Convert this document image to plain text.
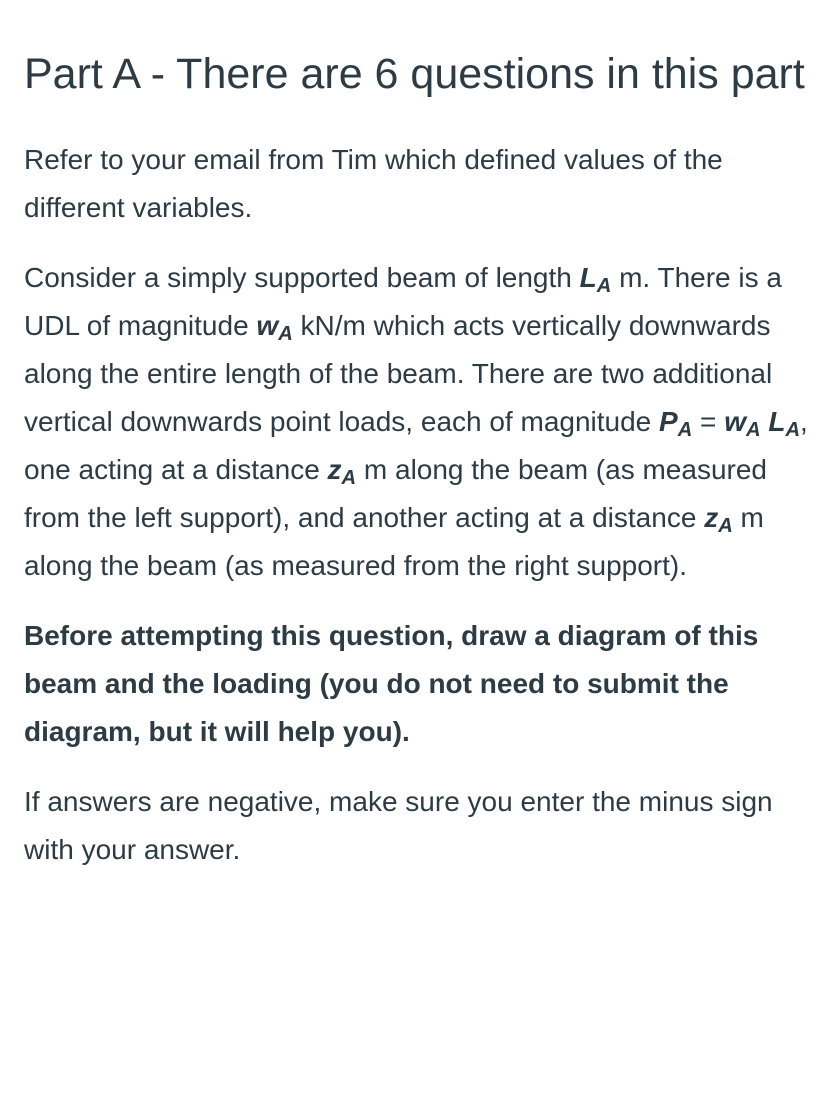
Part A - There are 6 questions in this part

Refer to your email from Tim which defined values of the different variables.

Consider a simply supported beam of length $L_A$ m. There is a UDL of magnitude $w_A$ kN/m which acts vertically downwards along the entire length of the beam. There are two additional vertical downwards point loads, each of magnitude $P_A = w_A$ $L_A$, one acting at a distance $z_A$ m along the beam (as measured from the left support), and another acting at a distance $z_A$ m along the beam (as measured from the right support).

Before attempting this question, draw a diagram of this beam and the loading (you do not need to submit the diagram, but it will help you).

If answers are negative, make sure you enter the minus sign with your answer.
